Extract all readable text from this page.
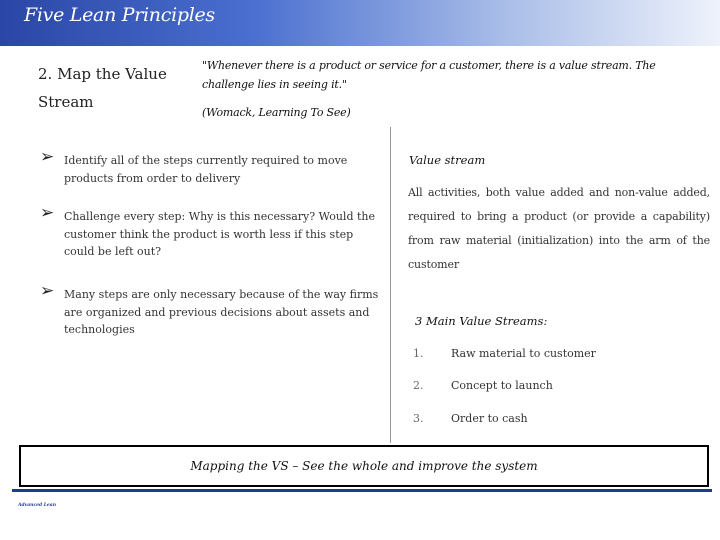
Five Lean Principles
2. Map the Value Stream
"Whenever there is a product or service for a customer, there is a value stream. The challenge lies in seeing it."
(Womack, Learning To See)
➢ Identify all of the steps currently required to move products from order to delivery
➢ Challenge every step: Why is this necessary? Would the customer think the product is worth less if this step could be left out?
➢ Many steps are only necessary because of the way firms are organized and previous decisions about assets and technologies
Value stream
All activities, both value added and non-value added, required to bring a product (or provide a capability) from raw material (initialization) into the arm of the customer
3 Main Value Streams:
1.	Raw material to customer
2.	Concept to launch
3.	Order to cash
Mapping the VS – See the whole and improve the system
Advanced Lean
